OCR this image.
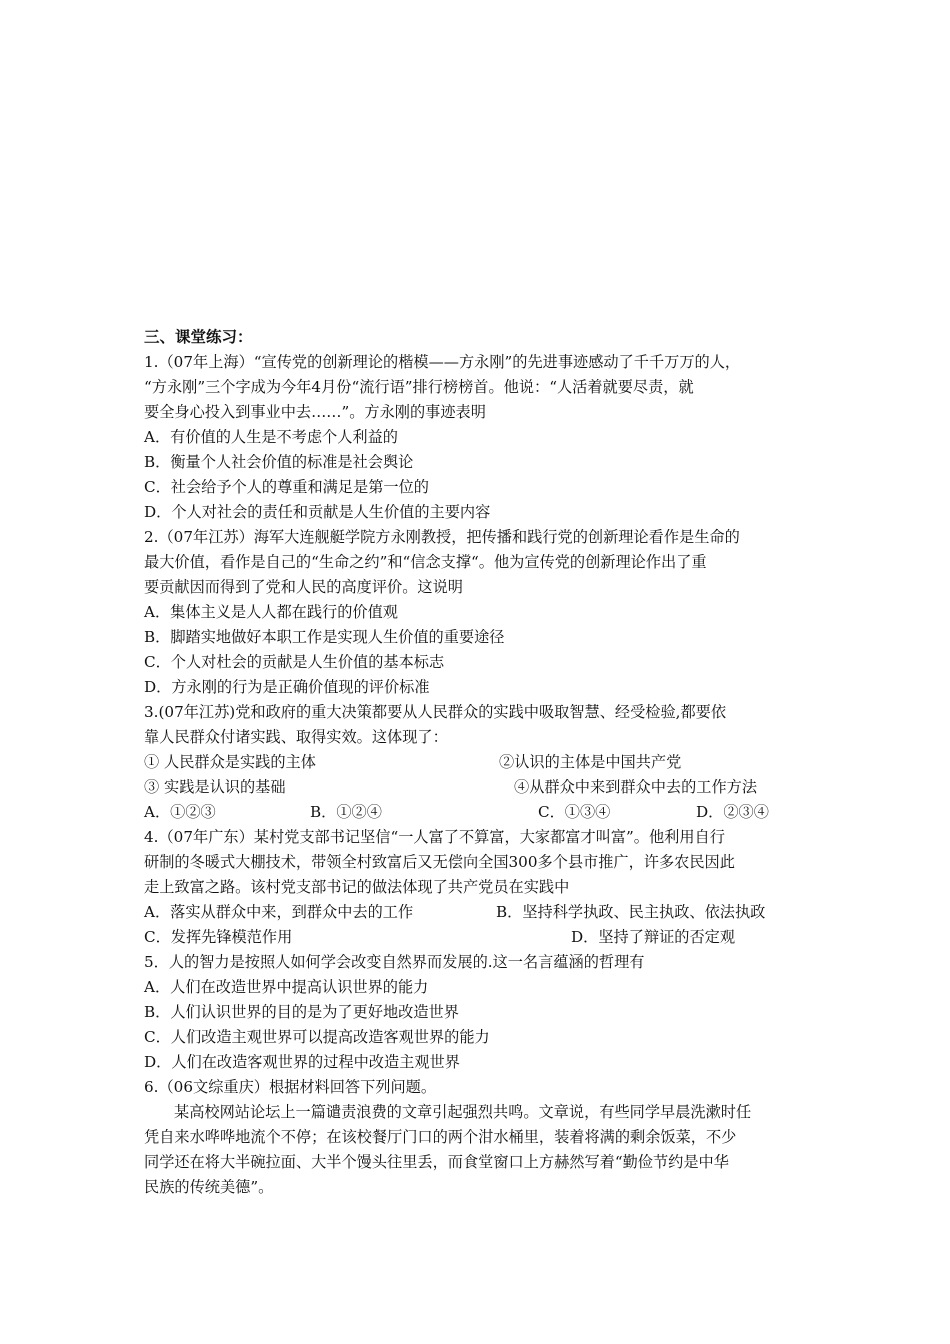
三、课堂练习：
1.（07年上海）“宣传党的创新理论的楷模——方永刚”的先进事迹感动了千千万万的人，
“方永刚”三个字成为今年4月份“流行语”排行榜榜首。他说：“人活着就要尽责，就
要全身心投入到事业中去……”。方永刚的事迹表明
A．有价值的人生是不考虑个人利益的
B．衡量个人社会价值的标准是社会舆论
C．社会给予个人的尊重和满足是第一位的
D．个人对社会的责任和贡献是人生价值的主要内容
2.（07年江苏）海军大连舰艇学院方永刚教授，把传播和践行党的创新理论看作是生命的
最大价值，看作是自己的“生命之约”和“信念支撑“。他为宣传党的创新理论作出了重
要贡献因而得到了党和人民的高度评价。这说明
A．集体主义是人人都在践行的价值观
B．脚踏实地做好本职工作是实现人生价值的重要途径
C．个人对杜会的贡献是人生价值的基本标志
D．方永刚的行为是正确价值现的评价标准
3.(07年江苏)党和政府的重大决策都要从人民群众的实践中吸取智慧、经受检验,都要依
靠人民群众付诸实践、取得实效。这体现了：
① 人民群众是实践的主体	②认识的主体是中国共产党
③ 实践是认识的基础	④从群众中来到群众中去的工作方法
A．①②③	B．①②④	C．①③④	D．②③④
4.（07年广东）某村党支部书记坚信“一人富了不算富，大家都富才叫富”。他利用自行
研制的冬暖式大棚技术，带领全村致富后又无偿向全国300多个县市推广，许多农民因此
走上致富之路。该村党支部书记的做法体现了共产党员在实践中
A．落实从群众中来，到群众中去的工作	B．坚持科学执政、民主执政、依法执政
C．发挥先锋模范作用	D．坚持了辩证的否定观
5．人的智力是按照人如何学会改变自然界而发展的.这一名言蕴涵的哲理有
A．人们在改造世界中提高认识世界的能力
B．人们认识世界的目的是为了更好地改造世界
C．人们改造主观世界可以提高改造客观世界的能力
D．人们在改造客观世界的过程中改造主观世界
6.（06文综重庆）根据材料回答下列问题。
某高校网站论坛上一篇谴责浪费的文章引起强烈共鸣。文章说，有些同学早晨洗漱时任
凭自来水哗哗地流个不停；在该校餐厅门口的两个泔水桶里，装着将满的剩余饭菜，不少
同学还在将大半碗拉面、大半个馒头往里丢，而食堂窗口上方赫然写着“勤俭节约是中华
民族的传统美德”。
